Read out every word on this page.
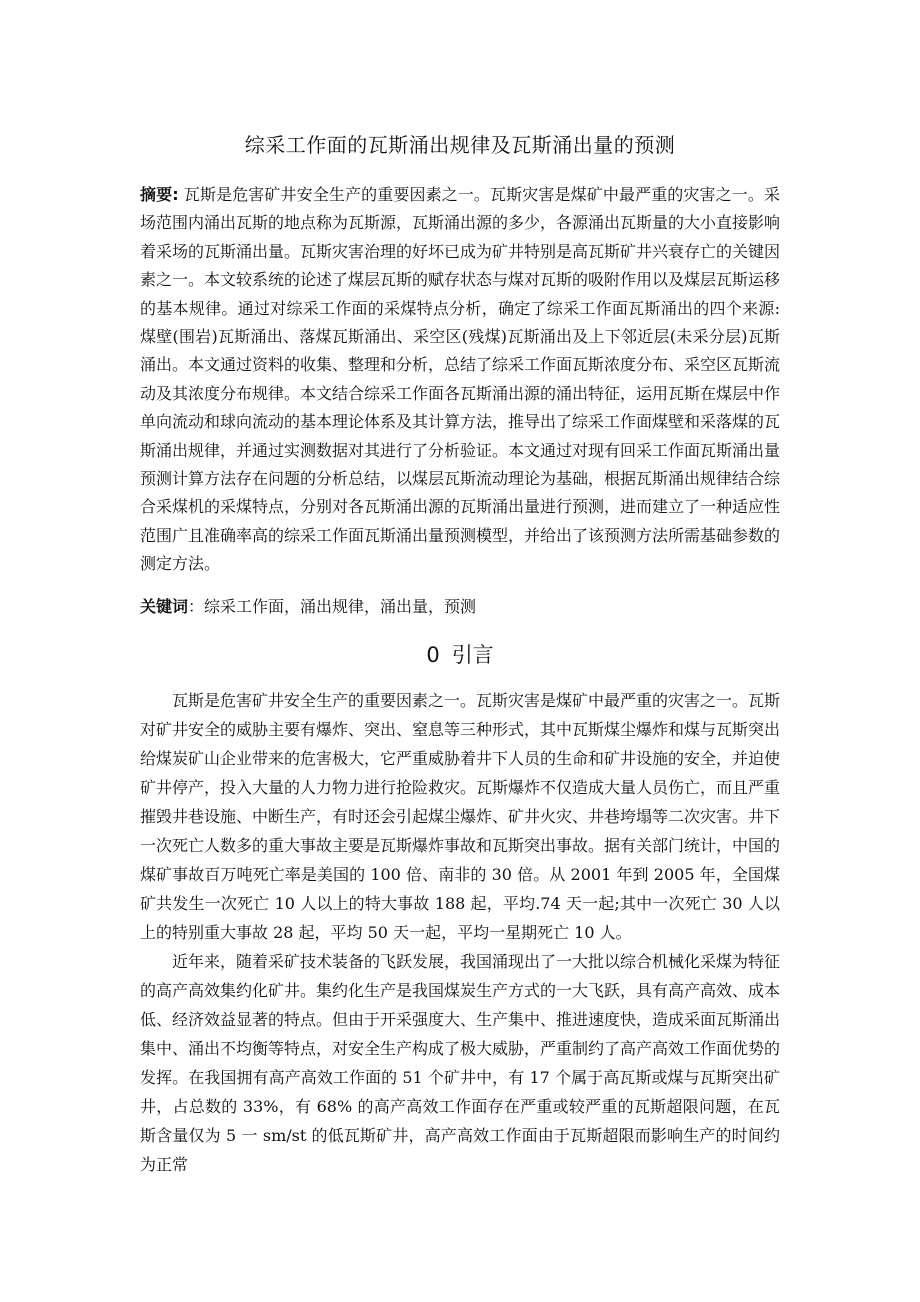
综采工作面的瓦斯涌出规律及瓦斯涌出量的预测

摘要: 瓦斯是危害矿井安全生产的重要因素之一。瓦斯灾害是煤矿中最严重的灾害之一。采场范围内涌出瓦斯的地点称为瓦斯源，瓦斯涌出源的多少，各源涌出瓦斯量的大小直接影响着采场的瓦斯涌出量。瓦斯灾害治理的好坏已成为矿井特别是高瓦斯矿井兴衰存亡的关键因素之一。本文较系统的论述了煤层瓦斯的赋存状态与煤对瓦斯的吸附作用以及煤层瓦斯运移的基本规律。通过对综采工作面的采煤特点分析，确定了综采工作面瓦斯涌出的四个来源:煤壁(围岩)瓦斯涌出、落煤瓦斯涌出、采空区(残煤)瓦斯涌出及上下邻近层(未采分层)瓦斯涌出。本文通过资料的收集、整理和分析，总结了综采工作面瓦斯浓度分布、采空区瓦斯流动及其浓度分布规律。本文结合综采工作面各瓦斯涌出源的涌出特征，运用瓦斯在煤层中作单向流动和球向流动的基本理论体系及其计算方法，推导出了综采工作面煤壁和采落煤的瓦斯涌出规律，并通过实测数据对其进行了分析验证。本文通过对现有回采工作面瓦斯涌出量预测计算方法存在问题的分析总结，以煤层瓦斯流动理论为基础，根据瓦斯涌出规律结合综合采煤机的采煤特点，分别对各瓦斯涌出源的瓦斯涌出量进行预测，进而建立了一种适应性范围广且准确率高的综采工作面瓦斯涌出量预测模型，并给出了该预测方法所需基础参数的测定方法。

关键词：综采工作面，涌出规律，涌出量，预测

0 引言

瓦斯是危害矿井安全生产的重要因素之一。瓦斯灾害是煤矿中最严重的灾害之一。瓦斯对矿井安全的威胁主要有爆炸、突出、窒息等三种形式，其中瓦斯煤尘爆炸和煤与瓦斯突出给煤炭矿山企业带来的危害极大，它严重威胁着井下人员的生命和矿井设施的安全，并迫使矿井停产，投入大量的人力物力进行抢险救灾。瓦斯爆炸不仅造成大量人员伤亡，而且严重摧毁井巷设施、中断生产，有时还会引起煤尘爆炸、矿井火灾、井巷垮塌等二次灾害。井下一次死亡人数多的重大事故主要是瓦斯爆炸事故和瓦斯突出事故。据有关部门统计，中国的煤矿事故百万吨死亡率是美国的 100 倍、南非的 30 倍。从 2001 年到 2005 年，全国煤矿共发生一次死亡 10 人以上的特大事故 188 起，平均.74 天一起;其中一次死亡 30 人以上的特别重大事故 28 起，平均 50 天一起，平均一星期死亡 10 人。

近年来，随着采矿技术装备的飞跃发展，我国涌现出了一大批以综合机械化采煤为特征的高产高效集约化矿井。集约化生产是我国煤炭生产方式的一大飞跃，具有高产高效、成本低、经济效益显著的特点。但由于开采强度大、生产集中、推进速度快，造成采面瓦斯涌出集中、涌出不均衡等特点，对安全生产构成了极大威胁，严重制约了高产高效工作面优势的发挥。在我国拥有高产高效工作面的 51 个矿井中，有 17 个属于高瓦斯或煤与瓦斯突出矿井，占总数的 33%，有 68% 的高产高效工作面存在严重或较严重的瓦斯超限问题，在瓦斯含量仅为 5 一 sm/st 的低瓦斯矿井，高产高效工作面由于瓦斯超限而影响生产的时间约为正常
